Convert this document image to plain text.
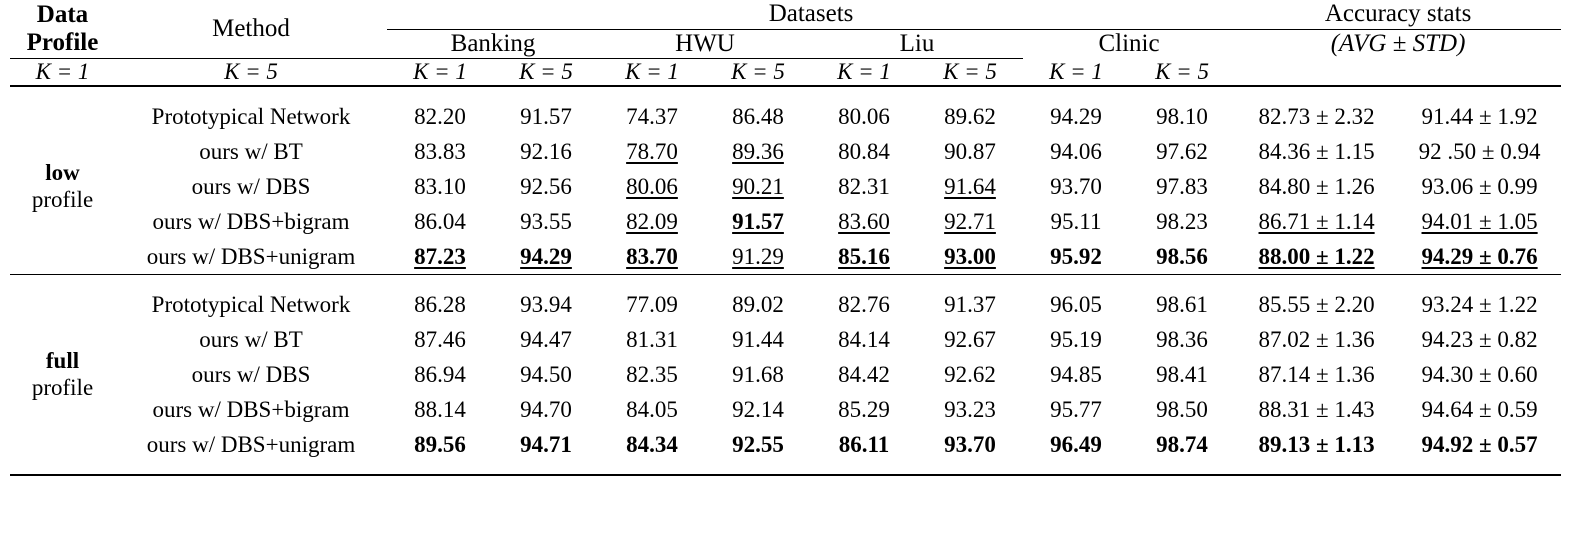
Data
Profile	Method	Datasets								Accuracy stats	

		Banking		HWU		Liu		Clinic		(AVG ± STD)	

K = 1	K = 5	K = 1	K = 5	K = 1	K = 5	K = 1	K = 5	K = 1	K = 5		

low
profile	Prototypical Network	82.20	91.57	74.37	86.48	80.06	89.62	94.29	98.10	82.73 ± 2.32	91.44 ± 1.92
	ours w/ BT	83.83	92.16	78.70	89.36	80.84	90.87	94.06	97.62	84.36 ± 1.15	92 .50 ± 0.94
	ours w/ DBS	83.10	92.56	80.06	90.21	82.31	91.64	93.70	97.83	84.80 ± 1.26	93.06 ± 0.99
	ours w/ DBS+bigram	86.04	93.55	82.09	91.57	83.60	92.71	95.11	98.23	86.71 ± 1.14	94.01 ± 1.05
	ours w/ DBS+unigram	87.23	94.29	83.70	91.29	85.16	93.00	95.92	98.56	88.00 ± 1.22	94.29 ± 0.76

full
profile	Prototypical Network	86.28	93.94	77.09	89.02	82.76	91.37	96.05	98.61	85.55 ± 2.20	93.24 ± 1.22
	ours w/ BT	87.46	94.47	81.31	91.44	84.14	92.67	95.19	98.36	87.02 ± 1.36	94.23 ± 0.82
	ours w/ DBS	86.94	94.50	82.35	91.68	84.42	92.62	94.85	98.41	87.14 ± 1.36	94.30 ± 0.60
	ours w/ DBS+bigram	88.14	94.70	84.05	92.14	85.29	93.23	95.77	98.50	88.31 ± 1.43	94.64 ± 0.59
	ours w/ DBS+unigram	89.56	94.71	84.34	92.55	86.11	93.70	96.49	98.74	89.13 ± 1.13	94.92 ± 0.57
